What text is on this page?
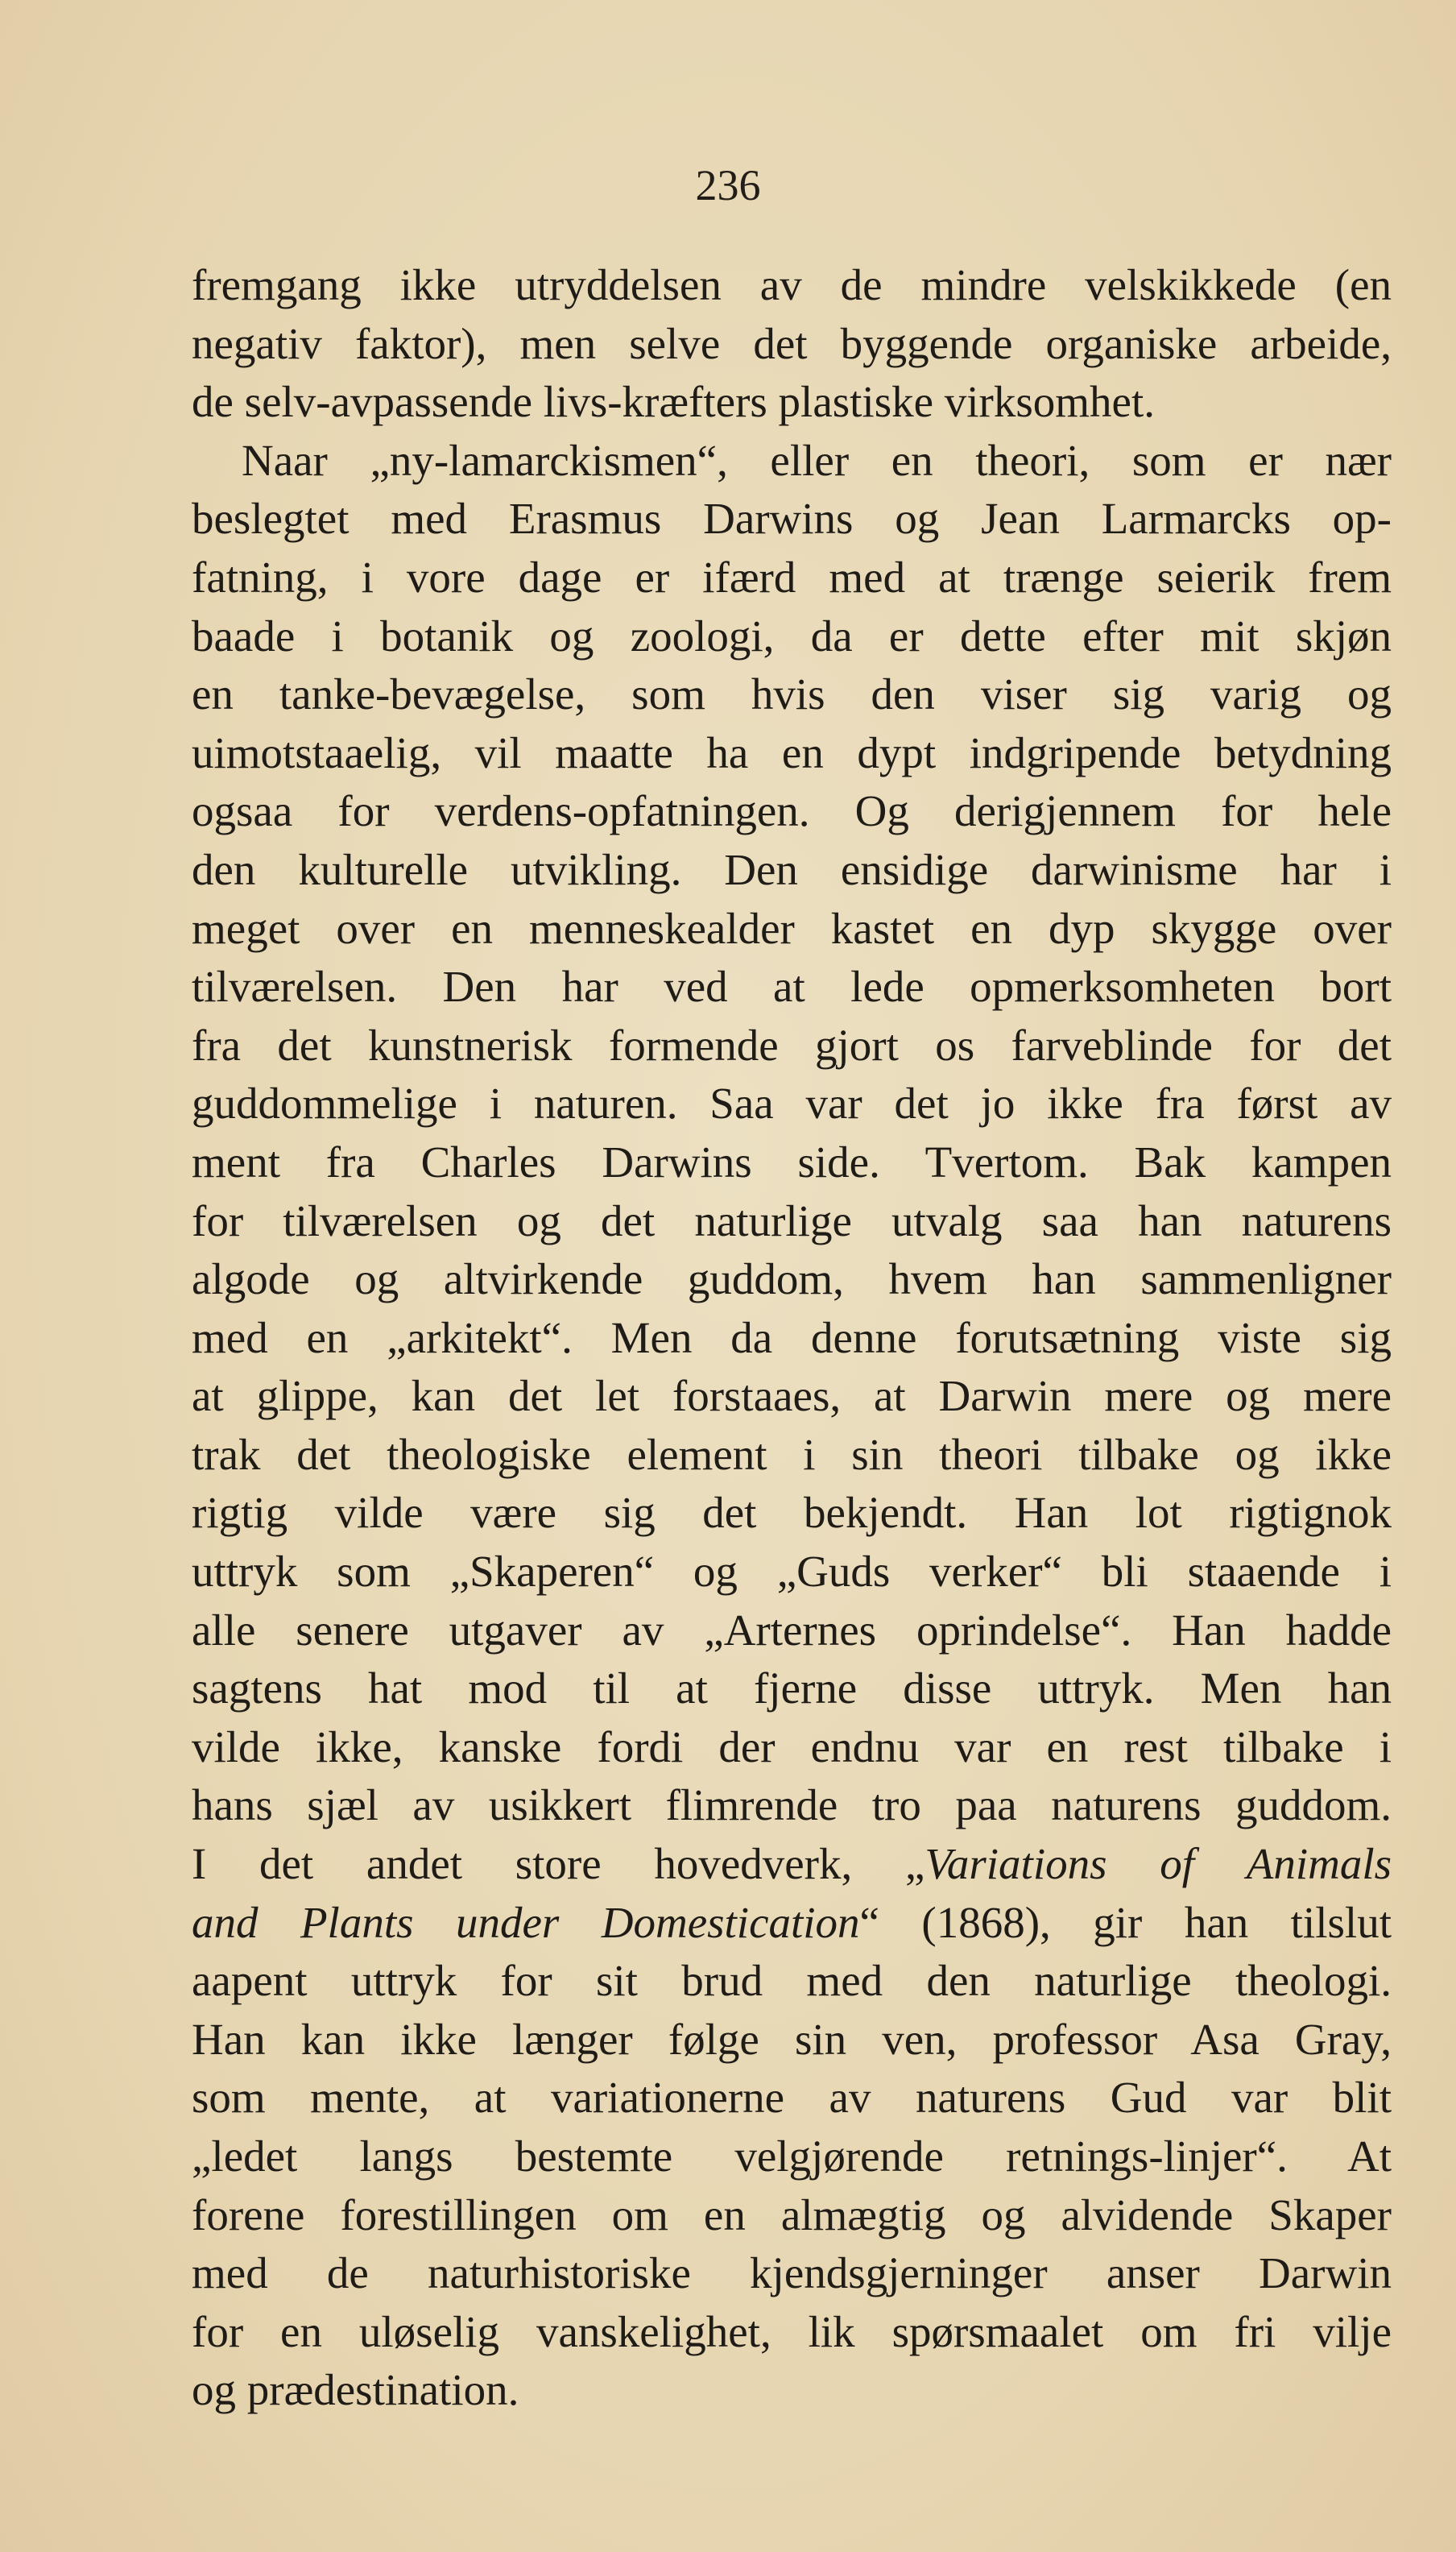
236
fremgang ikke utryddelsen av de mindre velskikkede (en
negativ faktor), men selve det byggende organiske arbeide,
de selv-avpassende livs-kræfters plastiske virksomhet.
Naar „ny-lamarckismen“, eller en theori, som er nær
beslegtet med Erasmus Darwins og Jean Larmarcks op-
fatning, i vore dage er ifærd med at trænge seierik frem
baade i botanik og zoologi, da er dette efter mit skjøn
en tanke-bevægelse, som hvis den viser sig varig og
uimotstaaelig, vil maatte ha en dypt indgripende betydning
ogsaa for verdens-opfatningen. Og derigjennem for hele
den kulturelle utvikling. Den ensidige darwinisme har i
meget over en menneskealder kastet en dyp skygge over
tilværelsen. Den har ved at lede opmerksomheten bort
fra det kunstnerisk formende gjort os farveblinde for det
guddommelige i naturen. Saa var det jo ikke fra først av
ment fra Charles Darwins side. Tvertom. Bak kampen
for tilværelsen og det naturlige utvalg saa han naturens
algode og altvirkende guddom, hvem han sammenligner
med en „arkitekt“. Men da denne forutsætning viste sig
at glippe, kan det let forstaaes, at Darwin mere og mere
trak det theologiske element i sin theori tilbake og ikke
rigtig vilde være sig det bekjendt. Han lot rigtignok
uttryk som „Skaperen“ og „Guds verker“ bli staaende i
alle senere utgaver av „Arternes oprindelse“. Han hadde
sagtens hat mod til at fjerne disse uttryk. Men han
vilde ikke, kanske fordi der endnu var en rest tilbake i
hans sjæl av usikkert flimrende tro paa naturens guddom.
I det andet store hovedverk, „Variations of Animals
and Plants under Domestication“ (1868), gir han tilslut
aapent uttryk for sit brud med den naturlige theologi.
Han kan ikke længer følge sin ven, professor Asa Gray,
som mente, at variationerne av naturens Gud var blit
„ledet langs bestemte velgjørende retnings-linjer“. At
forene forestillingen om en almægtig og alvidende Skaper
med de naturhistoriske kjendsgjerninger anser Darwin
for en uløselig vanskelighet, lik spørsmaalet om fri vilje
og prædestination.
